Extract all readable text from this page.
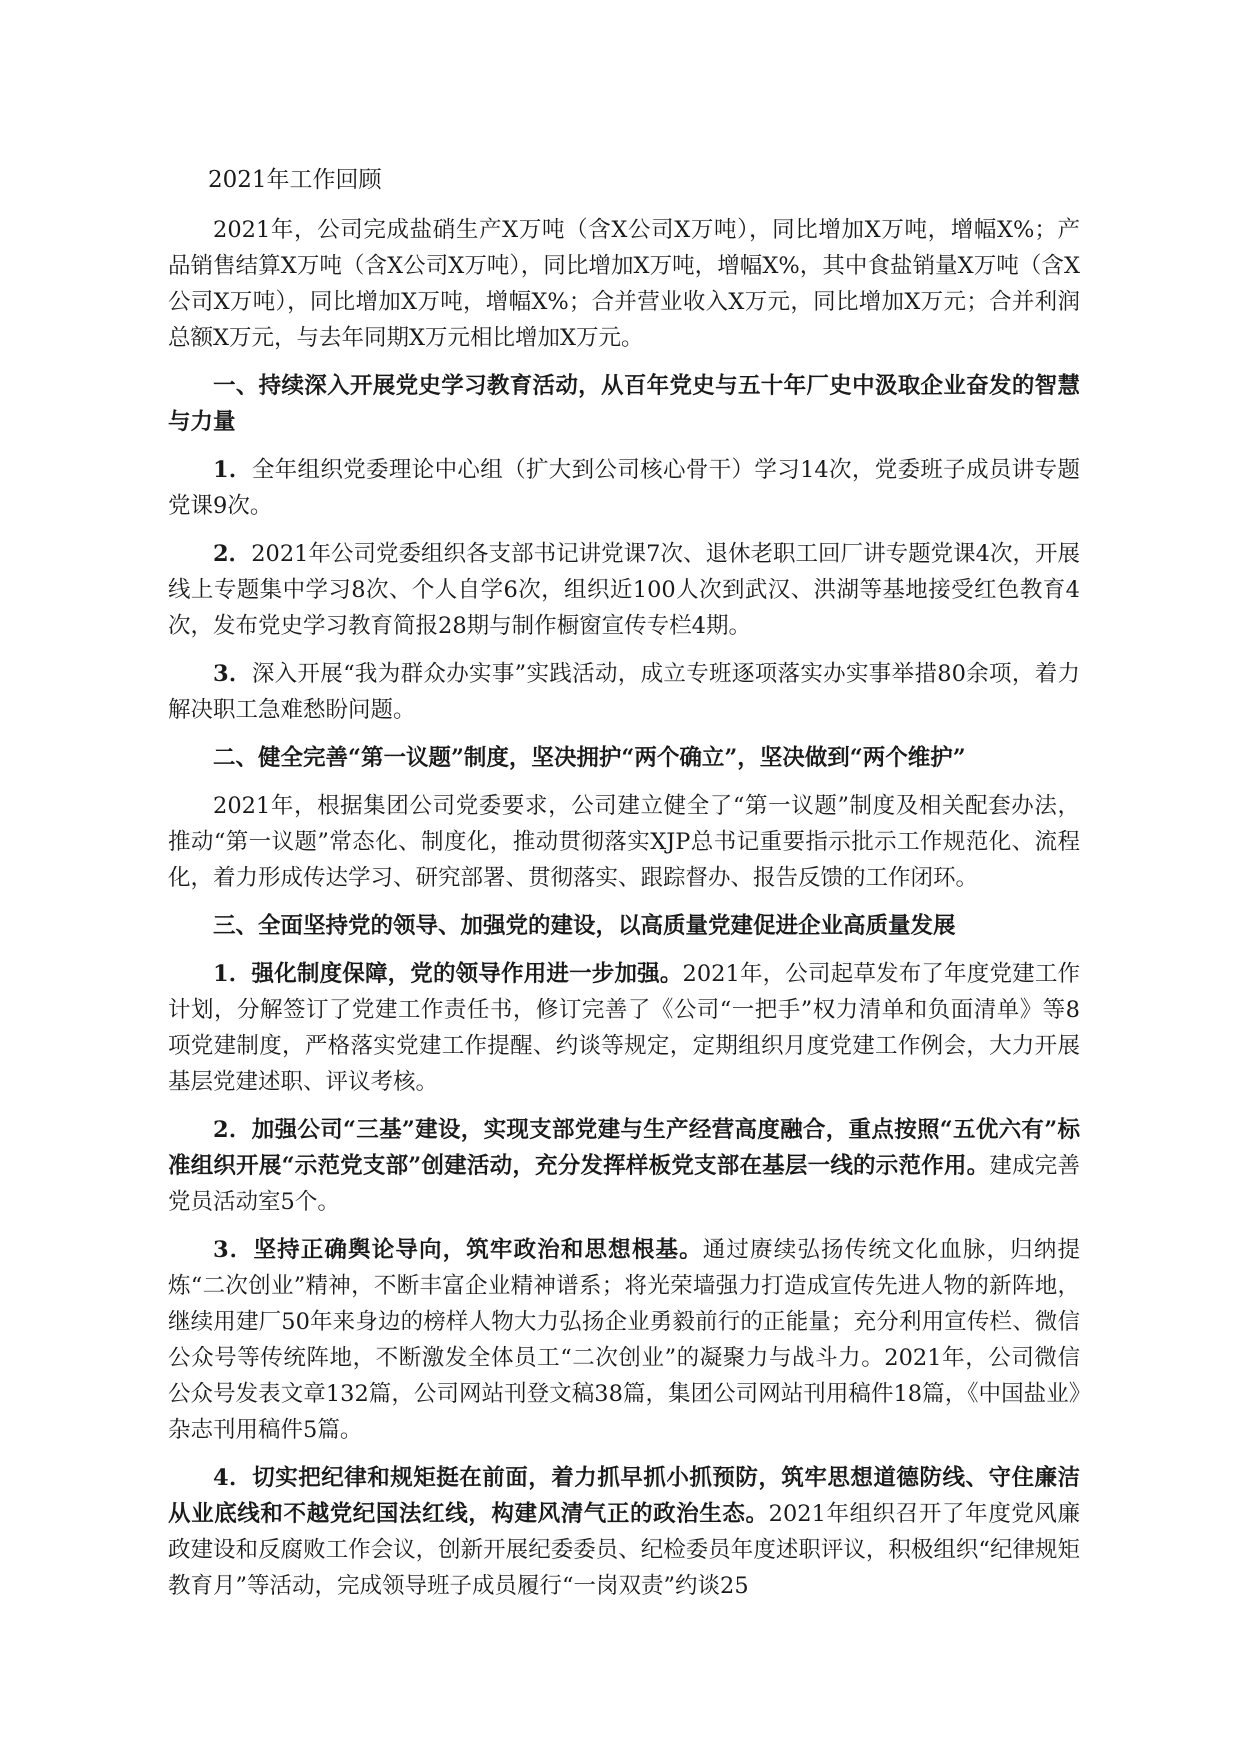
2021年工作回顾

2021年，公司完成盐硝生产X万吨（含X公司X万吨），同比增加X万吨，增幅X%；产品销售结算X万吨（含X公司X万吨），同比增加X万吨，增幅X%，其中食盐销量X万吨（含X公司X万吨），同比增加X万吨，增幅X%；合并营业收入X万元，同比增加X万元；合并利润总额X万元，与去年同期X万元相比增加X万元。

一、持续深入开展党史学习教育活动，从百年党史与五十年厂史中汲取企业奋发的智慧与力量

1．全年组织党委理论中心组（扩大到公司核心骨干）学习14次，党委班子成员讲专题党课9次。

2．2021年公司党委组织各支部书记讲党课7次、退休老职工回厂讲专题党课4次，开展线上专题集中学习8次、个人自学6次，组织近100人次到武汉、洪湖等基地接受红色教育4次，发布党史学习教育简报28期与制作橱窗宣传专栏4期。

3．深入开展“我为群众办实事”实践活动，成立专班逐项落实办实事举措80余项，着力解决职工急难愁盼问题。

二、健全完善“第一议题”制度，坚决拥护“两个确立”，坚决做到“两个维护”

2021年，根据集团公司党委要求，公司建立健全了“第一议题”制度及相关配套办法，推动“第一议题”常态化、制度化，推动贯彻落实XJP总书记重要指示批示工作规范化、流程化，着力形成传达学习、研究部署、贯彻落实、跟踪督办、报告反馈的工作闭环。

三、全面坚持党的领导、加强党的建设，以高质量党建促进企业高质量发展

1．强化制度保障，党的领导作用进一步加强。2021年，公司起草发布了年度党建工作计划，分解签订了党建工作责任书，修订完善了《公司“一把手”权力清单和负面清单》等8项党建制度，严格落实党建工作提醒、约谈等规定，定期组织月度党建工作例会，大力开展基层党建述职、评议考核。

2．加强公司“三基”建设，实现支部党建与生产经营高度融合，重点按照“五优六有”标准组织开展“示范党支部”创建活动，充分发挥样板党支部在基层一线的示范作用。建成完善党员活动室5个。

3．坚持正确舆论导向，筑牢政治和思想根基。通过赓续弘扬传统文化血脉，归纳提炼“二次创业”精神，不断丰富企业精神谱系；将光荣墙强力打造成宣传先进人物的新阵地，继续用建厂50年来身边的榜样人物大力弘扬企业勇毅前行的正能量；充分利用宣传栏、微信公众号等传统阵地，不断激发全体员工“二次创业”的凝聚力与战斗力。2021年，公司微信公众号发表文章132篇，公司网站刊登文稿38篇，集团公司网站刊用稿件18篇，《中国盐业》杂志刊用稿件5篇。

4．切实把纪律和规矩挺在前面，着力抓早抓小抓预防，筑牢思想道德防线、守住廉洁从业底线和不越党纪国法红线，构建风清气正的政治生态。2021年组织召开了年度党风廉政建设和反腐败工作会议，创新开展纪委委员、纪检委员年度述职评议，积极组织“纪律规矩教育月”等活动，完成领导班子成员履行“一岗双责”约谈25
